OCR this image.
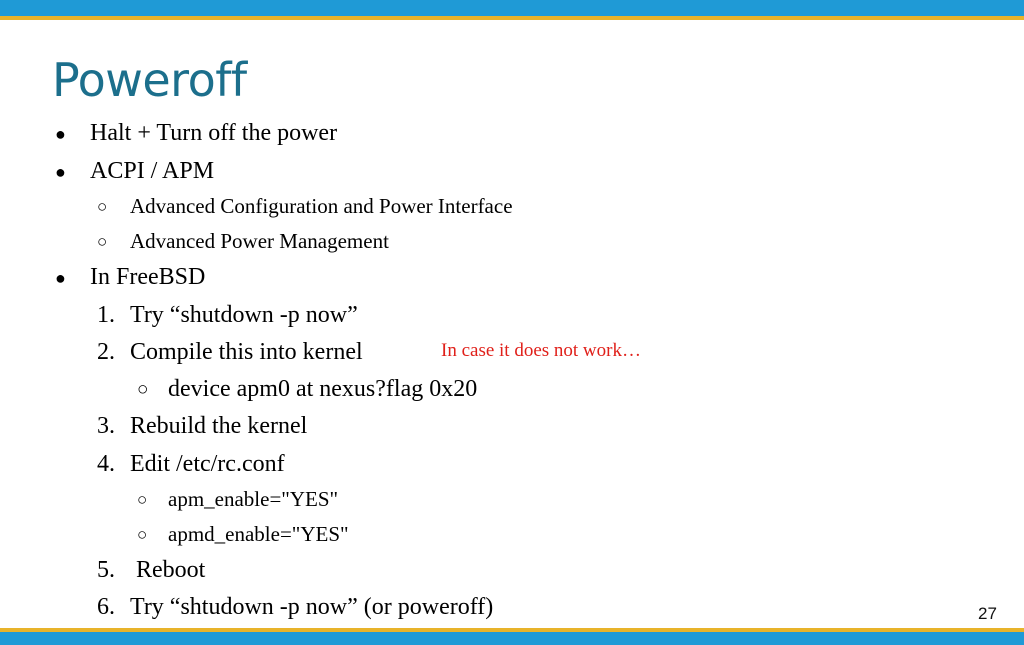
Poweroff
● Halt + Turn off the power
● ACPI / APM
○ Advanced Configuration and Power Interface
○ Advanced Power Management
● In FreeBSD
1. Try “shutdown -p now”
2. Compile this into kernel	In case it does not work…
○ device apm0 at nexus?flag 0x20
3. Rebuild the kernel
4. Edit /etc/rc.conf
○ apm_enable="YES"
○ apmd_enable="YES"
5. Reboot
6. Try “shtudown -p now” (or poweroff)	27
